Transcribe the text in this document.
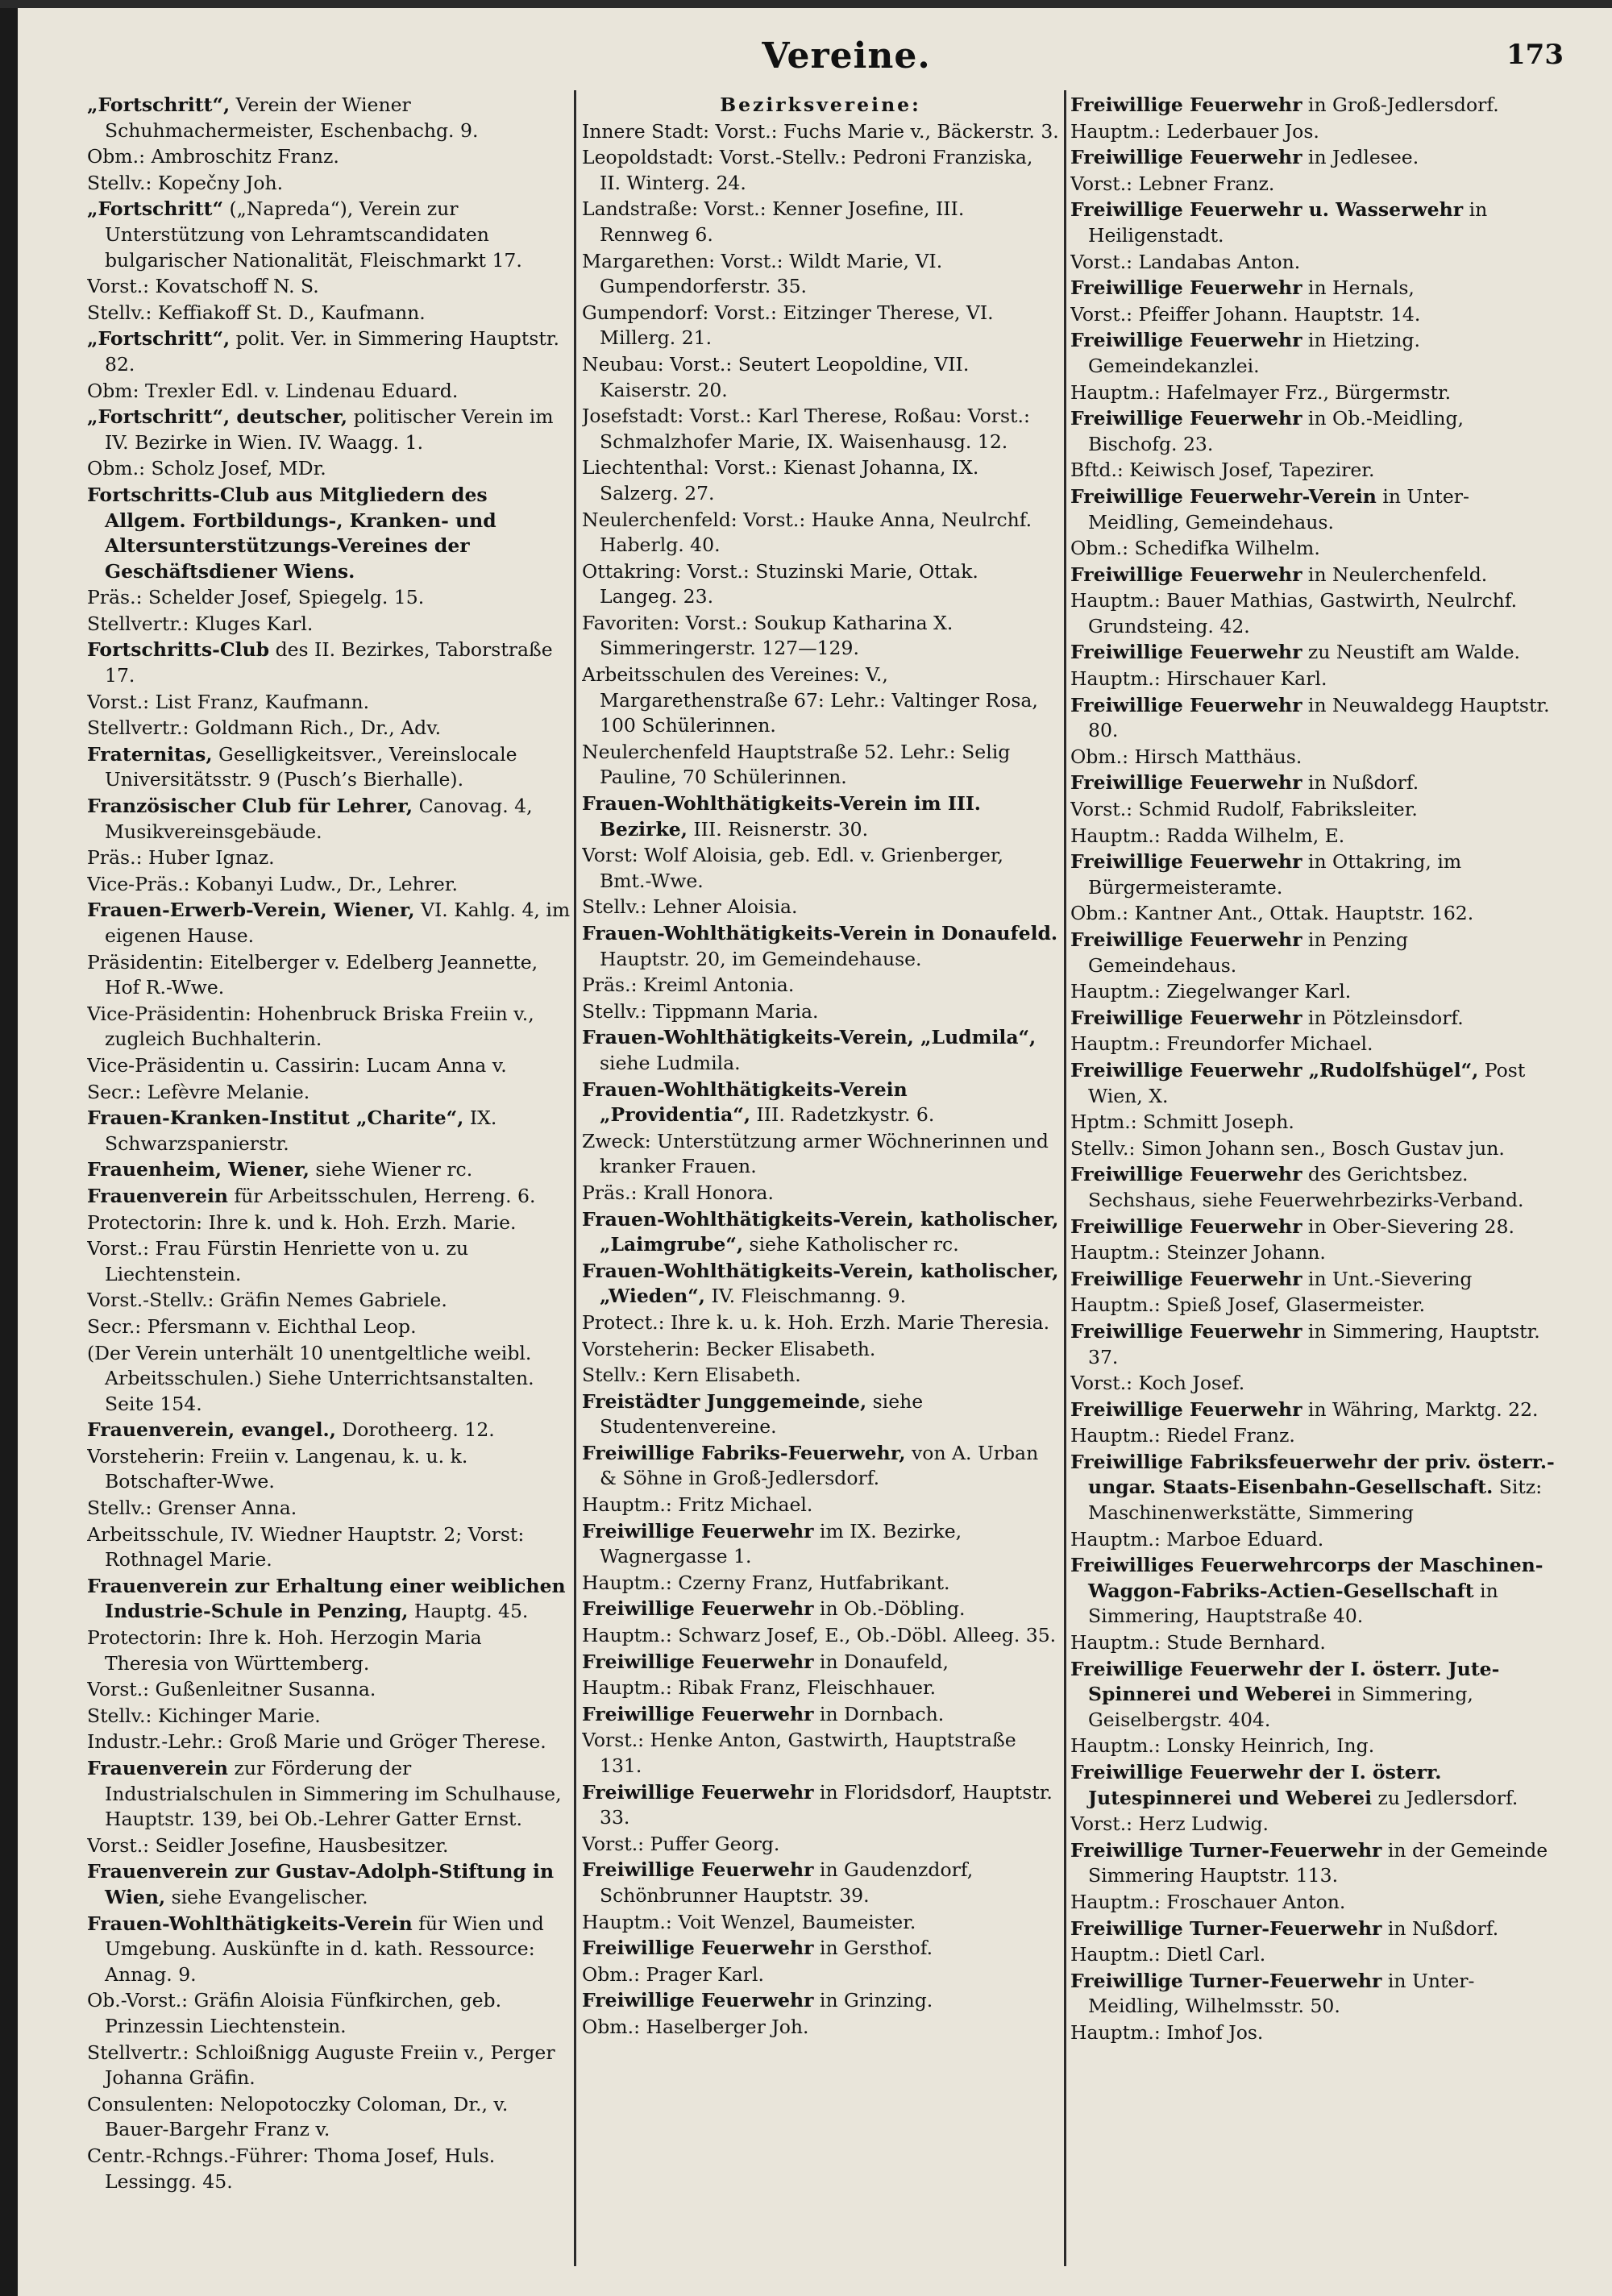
Vereine.	173
„Fortschritt“, Verein der Wiener Schuhmachermeister, Eschenbachg. 9.
Obm.: Ambroschitz Franz.
Stellv.: Kopečny Joh.
„Fortschritt“ („Napreda“), Verein zur Unterstützung von Lehramtscandidaten bulgarischer Nationalität, Fleischmarkt 17.
Vorst.: Kovatschoff N. S.
Stellv.: Keffiakoff St. D., Kaufmann.
„Fortschritt“, polit. Ver. in Simmering Hauptstr. 82.
Obm: Trexler Edl. v. Lindenau Eduard.
„Fortschritt“, deutscher, politischer Verein im IV. Bezirke in Wien. IV. Waagg. 1.
Obm.: Scholz Josef, MDr.
Fortschritts-Club aus Mitgliedern des Allgem. Fortbildungs-, Kranken- und Altersunterstützungs-Vereines der Geschäftsdiener Wiens.
Präs.: Schelder Josef, Spiegelg. 15.
Stellvertr.: Kluges Karl.
Fortschritts-Club des II. Bezirkes, Taborstraße 17.
Vorst.: List Franz, Kaufmann.
Stellvertr.: Goldmann Rich., Dr., Adv.
Fraternitas, Geselligkeitsver., Vereinslocale Universitätsstr. 9 (Pusch’s Bierhalle).
Französischer Club für Lehrer, Canovag. 4, Musikvereinsgebäude.
Präs.: Huber Ignaz.
Vice-Präs.: Kobanyi Ludw., Dr., Lehrer.
Frauen-Erwerb-Verein, Wiener, VI. Kahlg. 4, im eigenen Hause.
Präsidentin: Eitelberger v. Edelberg Jeannette, Hof R.-Wwe.
Vice-Präsidentin: Hohenbruck Briska Freiin v., zugleich Buchhalterin.
Vice-Präsidentin u. Cassirin: Lucam Anna v.
Secr.: Lefèvre Melanie.
Frauen-Kranken-Institut „Charite“, IX. Schwarzspanierstr.
Frauenheim, Wiener, siehe Wiener rc.
Frauenverein für Arbeitsschulen, Herreng. 6.
Protectorin: Ihre k. und k. Hoh. Erzh. Marie.
Vorst.: Frau Fürstin Henriette von u. zu Liechtenstein.
Vorst.-Stellv.: Gräfin Nemes Gabriele.
Secr.: Pfersmann v. Eichthal Leop.
(Der Verein unterhält 10 unentgeltliche weibl. Arbeitsschulen.) Siehe Unterrichtsanstalten. Seite 154.
Frauenverein, evangel., Dorotheerg. 12.
Vorsteherin: Freiin v. Langenau, k. u. k. Botschafter-Wwe.
Stellv.: Grenser Anna.
Arbeitsschule, IV. Wiedner Hauptstr. 2; Vorst: Rothnagel Marie.
Frauenverein zur Erhaltung einer weiblichen Industrie-Schule in Penzing, Hauptg. 45.
Protectorin: Ihre k. Hoh. Herzogin Maria Theresia von Württemberg.
Vorst.: Gußenleitner Susanna.
Stellv.: Kichinger Marie.
Industr.-Lehr.: Groß Marie und Gröger Therese.
Frauenverein zur Förderung der Industrialschulen in Simmering im Schulhause, Hauptstr. 139, bei Ob.-Lehrer Gatter Ernst.
Vorst.: Seidler Josefine, Hausbesitzer.
Frauenverein zur Gustav-Adolph-Stiftung in Wien, siehe Evangelischer.
Frauen-Wohlthätigkeits-Verein für Wien und Umgebung. Auskünfte in d. kath. Ressource: Annag. 9.
Ob.-Vorst.: Gräfin Aloisia Fünfkirchen, geb. Prinzessin Liechtenstein.
Stellvertr.: Schloißnigg Auguste Freiin v., Perger Johanna Gräfin.
Consulenten: Nelopotoczky Coloman, Dr., v. Bauer-Bargehr Franz v.
Centr.-Rchngs.-Führer: Thoma Josef, Huls. Lessingg. 45.
Bezirksvereine:
Innere Stadt: Vorst.: Fuchs Marie v., Bäckerstr. 3.
Leopoldstadt: Vorst.-Stellv.: Pedroni Franziska, II. Winterg. 24.
Landstraße: Vorst.: Kenner Josefine, III. Rennweg 6.
Margarethen: Vorst.: Wildt Marie, VI. Gumpendorferstr. 35.
Gumpendorf: Vorst.: Eitzinger Therese, VI. Millerg. 21.
Neubau: Vorst.: Seutert Leopoldine, VII. Kaiserstr. 20.
Josefstadt: Vorst.: Karl Therese, Roßau: Vorst.: Schmalzhofer Marie, IX. Waisenhausg. 12.
Liechtenthal: Vorst.: Kienast Johanna, IX. Salzerg. 27.
Neulerchenfeld: Vorst.: Hauke Anna, Neulrchf. Haberlg. 40.
Ottakring: Vorst.: Stuzinski Marie, Ottak. Langeg. 23.
Favoriten: Vorst.: Soukup Katharina X. Simmeringerstr. 127—129.
Arbeitsschulen des Vereines: V., Margarethenstraße 67: Lehr.: Valtinger Rosa, 100 Schülerinnen.
Neulerchenfeld Hauptstraße 52. Lehr.: Selig Pauline, 70 Schülerinnen.
Frauen-Wohlthätigkeits-Verein im III. Bezirke, III. Reisnerstr. 30.
Vorst: Wolf Aloisia, geb. Edl. v. Grienberger, Bmt.-Wwe.
Stellv.: Lehner Aloisia.
Frauen-Wohlthätigkeits-Verein in Donaufeld. Hauptstr. 20, im Gemeindehause.
Präs.: Kreiml Antonia.
Stellv.: Tippmann Maria.
Frauen-Wohlthätigkeits-Verein, „Ludmila“, siehe Ludmila.
Frauen-Wohlthätigkeits-Verein „Providentia“, III. Radetzkystr. 6.
Zweck: Unterstützung armer Wöchnerinnen und kranker Frauen.
Präs.: Krall Honora.
Frauen-Wohlthätigkeits-Verein, katholischer, „Laimgrube“, siehe Katholischer rc.
Frauen-Wohlthätigkeits-Verein, katholischer, „Wieden“, IV. Fleischmanng. 9.
Protect.: Ihre k. u. k. Hoh. Erzh. Marie Theresia.
Vorsteherin: Becker Elisabeth.
Stellv.: Kern Elisabeth.
Freistädter Junggemeinde, siehe Studentenvereine.
Freiwillige Fabriks-Feuerwehr, von A. Urban & Söhne in Groß-Jedlersdorf.
Hauptm.: Fritz Michael.
Freiwillige Feuerwehr im IX. Bezirke, Wagnergasse 1.
Hauptm.: Czerny Franz, Hutfabrikant.
Freiwillige Feuerwehr in Ob.-Döbling.
Hauptm.: Schwarz Josef, E., Ob.-Döbl. Alleeg. 35.
Freiwillige Feuerwehr in Donaufeld,
Hauptm.: Ribak Franz, Fleischhauer.
Freiwillige Feuerwehr in Dornbach.
Vorst.: Henke Anton, Gastwirth, Hauptstraße 131.
Freiwillige Feuerwehr in Floridsdorf, Hauptstr. 33.
Vorst.: Puffer Georg.
Freiwillige Feuerwehr in Gaudenzdorf, Schönbrunner Hauptstr. 39.
Hauptm.: Voit Wenzel, Baumeister.
Freiwillige Feuerwehr in Gersthof.
Obm.: Prager Karl.
Freiwillige Feuerwehr in Grinzing.
Obm.: Haselberger Joh.
Freiwillige Feuerwehr in Groß-Jedlersdorf.
Hauptm.: Lederbauer Jos.
Freiwillige Feuerwehr in Jedlesee.
Vorst.: Lebner Franz.
Freiwillige Feuerwehr u. Wasserwehr in Heiligenstadt.
Vorst.: Landabas Anton.
Freiwillige Feuerwehr in Hernals,
Vorst.: Pfeiffer Johann. Hauptstr. 14.
Freiwillige Feuerwehr in Hietzing. Gemeindekanzlei.
Hauptm.: Hafelmayer Frz., Bürgermstr.
Freiwillige Feuerwehr in Ob.-Meidling, Bischofg. 23.
Bftd.: Keiwisch Josef, Tapezirer.
Freiwillige Feuerwehr-Verein in Unter-Meidling, Gemeindehaus.
Obm.: Schedifka Wilhelm.
Freiwillige Feuerwehr in Neulerchenfeld.
Hauptm.: Bauer Mathias, Gastwirth, Neulrchf. Grundsteing. 42.
Freiwillige Feuerwehr zu Neustift am Walde.
Hauptm.: Hirschauer Karl.
Freiwillige Feuerwehr in Neuwaldegg Hauptstr. 80.
Obm.: Hirsch Matthäus.
Freiwillige Feuerwehr in Nußdorf.
Vorst.: Schmid Rudolf, Fabriksleiter.
Hauptm.: Radda Wilhelm, E.
Freiwillige Feuerwehr in Ottakring, im Bürgermeisteramte.
Obm.: Kantner Ant., Ottak. Hauptstr. 162.
Freiwillige Feuerwehr in Penzing Gemeindehaus.
Hauptm.: Ziegelwanger Karl.
Freiwillige Feuerwehr in Pötzleinsdorf.
Hauptm.: Freundorfer Michael.
Freiwillige Feuerwehr „Rudolfshügel“, Post Wien, X.
Hptm.: Schmitt Joseph.
Stellv.: Simon Johann sen., Bosch Gustav jun.
Freiwillige Feuerwehr des Gerichtsbez. Sechshaus, siehe Feuerwehrbezirks-Verband.
Freiwillige Feuerwehr in Ober-Sievering 28.
Hauptm.: Steinzer Johann.
Freiwillige Feuerwehr in Unt.-Sievering
Hauptm.: Spieß Josef, Glasermeister.
Freiwillige Feuerwehr in Simmering, Hauptstr. 37.
Vorst.: Koch Josef.
Freiwillige Feuerwehr in Währing, Marktg. 22.
Hauptm.: Riedel Franz.
Freiwillige Fabriksfeuerwehr der priv. österr.-ungar. Staats-Eisenbahn-Gesellschaft. Sitz: Maschinenwerkstätte, Simmering
Hauptm.: Marboe Eduard.
Freiwilliges Feuerwehrcorps der Maschinen-Waggon-Fabriks-Actien-Gesellschaft in Simmering, Hauptstraße 40.
Hauptm.: Stude Bernhard.
Freiwillige Feuerwehr der I. österr. Jute-Spinnerei und Weberei in Simmering, Geiselbergstr. 404.
Hauptm.: Lonsky Heinrich, Ing.
Freiwillige Feuerwehr der I. österr. Jutespinnerei und Weberei zu Jedlersdorf.
Vorst.: Herz Ludwig.
Freiwillige Turner-Feuerwehr in der Gemeinde Simmering Hauptstr. 113.
Hauptm.: Froschauer Anton.
Freiwillige Turner-Feuerwehr in Nußdorf.
Hauptm.: Dietl Carl.
Freiwillige Turner-Feuerwehr in Unter-Meidling, Wilhelmsstr. 50.
Hauptm.: Imhof Jos.
